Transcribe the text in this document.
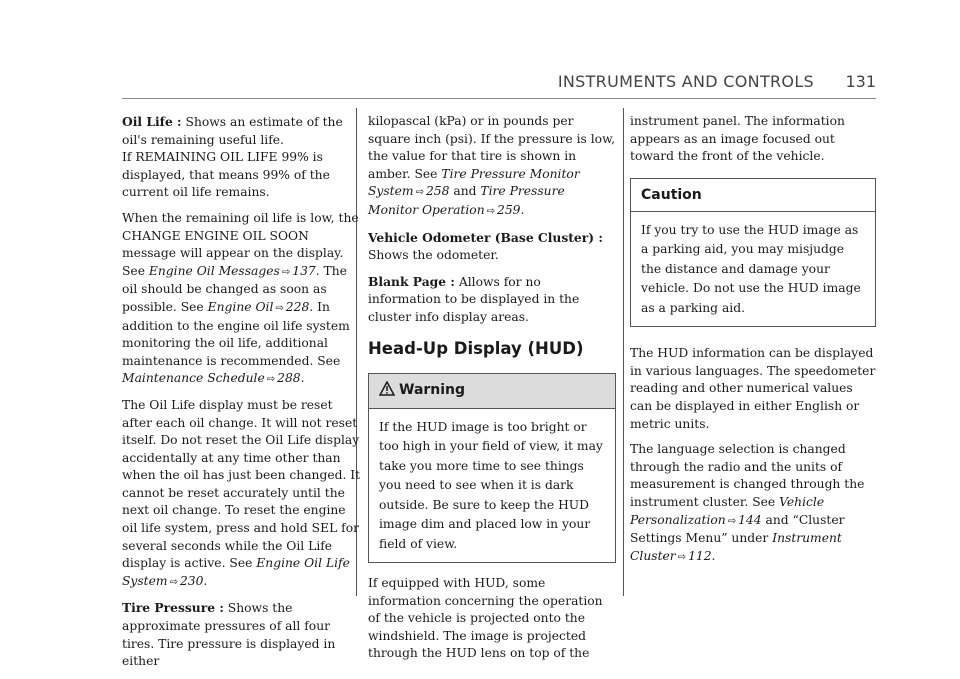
INSTRUMENTS AND CONTROLS 131

Oil Life : Shows an estimate of the oil's remaining useful life.
If REMAINING OIL LIFE 99% is displayed, that means 99% of the current oil life remains.

When the remaining oil life is low, the CHANGE ENGINE OIL SOON message will appear on the display. See Engine Oil Messages ⇨ 137. The oil should be changed as soon as possible. See Engine Oil ⇨ 228. In addition to the engine oil life system monitoring the oil life, additional maintenance is recommended. See Maintenance Schedule ⇨ 288.

The Oil Life display must be reset after each oil change. It will not reset itself. Do not reset the Oil Life display accidentally at any time other than when the oil has just been changed. It cannot be reset accurately until the next oil change. To reset the engine oil life system, press and hold SEL for several seconds while the Oil Life display is active. See Engine Oil Life System ⇨ 230.

Tire Pressure : Shows the approximate pressures of all four tires. Tire pressure is displayed in either

kilopascal (kPa) or in pounds per square inch (psi). If the pressure is low, the value for that tire is shown in amber. See Tire Pressure Monitor System ⇨ 258 and Tire Pressure Monitor Operation ⇨ 259.

Vehicle Odometer (Base Cluster) :
Shows the odometer.

Blank Page : Allows for no information to be displayed in the cluster info display areas.

Head-Up Display (HUD)
Warning
If the HUD image is too bright or too high in your field of view, it may take you more time to see things you need to see when it is dark outside. Be sure to keep the HUD image dim and placed low in your field of view.

If equipped with HUD, some information concerning the operation of the vehicle is projected onto the windshield. The image is projected through the HUD lens on top of the

instrument panel. The information appears as an image focused out toward the front of the vehicle.

Caution
If you try to use the HUD image as a parking aid, you may misjudge the distance and damage your vehicle. Do not use the HUD image as a parking aid.

The HUD information can be displayed in various languages. The speedometer reading and other numerical values can be displayed in either English or metric units.

The language selection is changed through the radio and the units of measurement is changed through the instrument cluster. See Vehicle Personalization ⇨ 144 and “Cluster Settings Menu” under Instrument Cluster ⇨ 112.
